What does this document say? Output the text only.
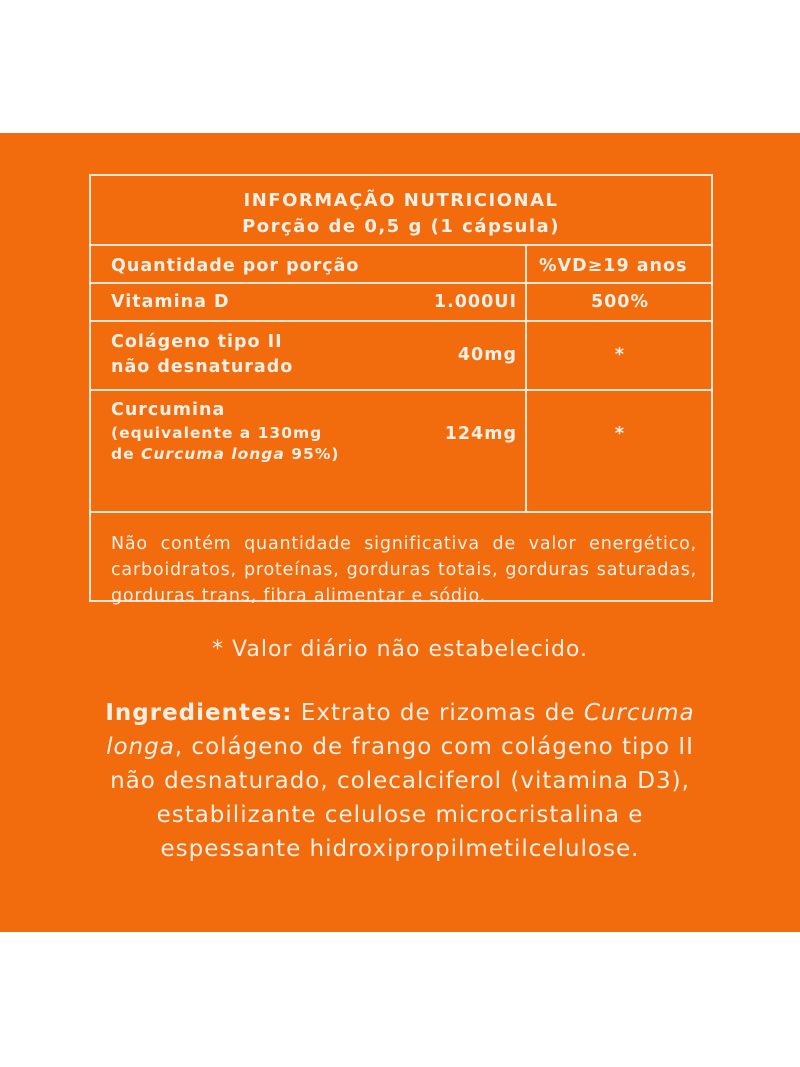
INFORMAÇÃO NUTRICIONAL
Porção de 0,5 g (1 cápsula)
Quantidade por porção	%VD≥19 anos
Vitamina D	1.000UI	500%
Colágeno tipo II
não desnaturado
40mg	*
Curcumina
(equivalente a 130mg
de Curcuma longa 95%)
124mg	*
Não contém quantidade significativa de valor energético, carboidratos, proteínas, gorduras totais, gorduras saturadas, gorduras trans, fibra alimentar e sódio.
* Valor diário não estabelecido.
Ingredientes: Extrato de rizomas de Curcuma longa, colágeno de frango com colágeno tipo II não desnaturado, colecalciferol (vitamina D3), estabilizante celulose microcristalina e espessante hidroxipropilmetilcelulose.
